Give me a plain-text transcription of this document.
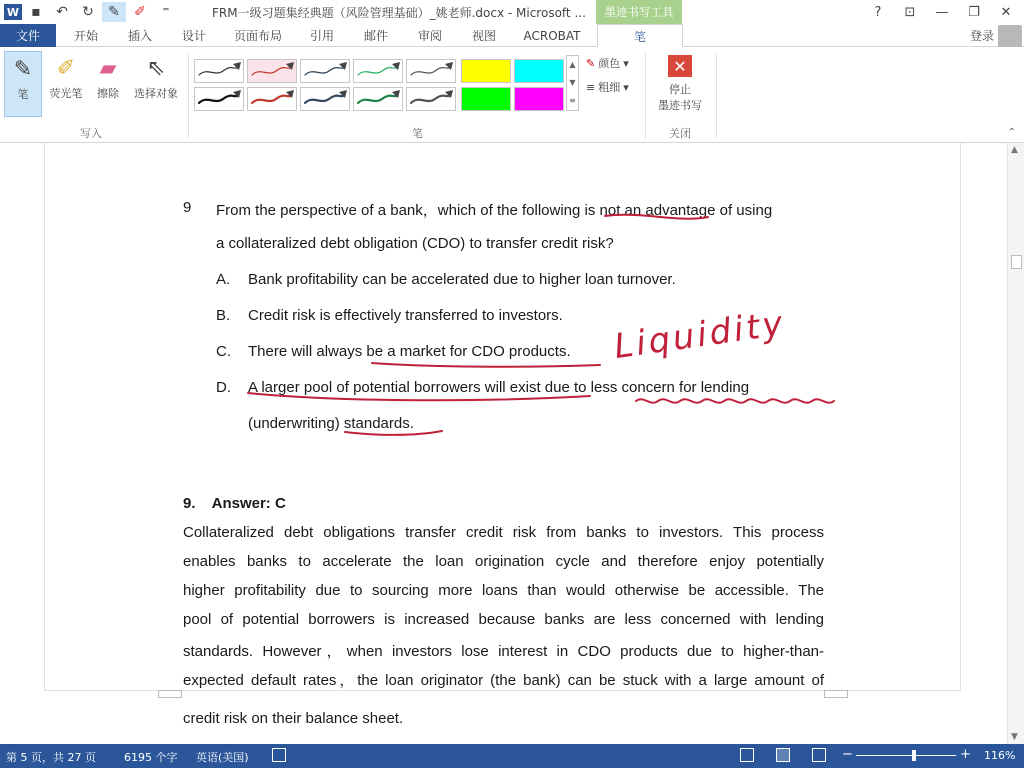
W ▪	↶	↻	✎	✐	⁼	FRM一级习题集经典题（风险管理基础）_姚老师.docx - Microsoft ...	墨迹书写工具	?	⊡	—	❐	✕
文件	开始	插入	设计	页面布局	引用	邮件	审阅	视图	ACROBAT	笔	登录
✎
笔
✐
荧光笔
▰
擦除
⇖
选择对象
写入
▲
▼
≡
✎ 颜色 ▾
≡ 粗细 ▾
笔
✕
停止
墨迹书写
关闭	⌃
9 From the perspective of a bank，which of the following is not an advantage of using
a collateralized debt obligation (CDO) to transfer credit risk?
A. Bank profitability can be accelerated due to higher loan turnover.
B. Credit risk is effectively transferred to investors.
C. There will always be a market for CDO products.
D. A larger pool of potential borrowers will exist due to less concern for lending
(underwriting) standards.
9.    Answer: C
Collateralized debt obligations transfer credit risk from banks to investors. This process
enables banks to accelerate the loan origination cycle and therefore enjoy potentially
higher profitability due to sourcing more loans than would otherwise be accessible. The
pool of potential borrowers is increased because banks are less concerned with lending
standards. However，when investors lose interest in CDO products due to higher-than-
expected default rates，the loan originator (the bank) can be stuck with a large amount of
credit risk on their balance sheet.
Liquidity
▲
▼
第 5 页，共 27 页	6195 个字 英语(美国)	−	+ 116%
